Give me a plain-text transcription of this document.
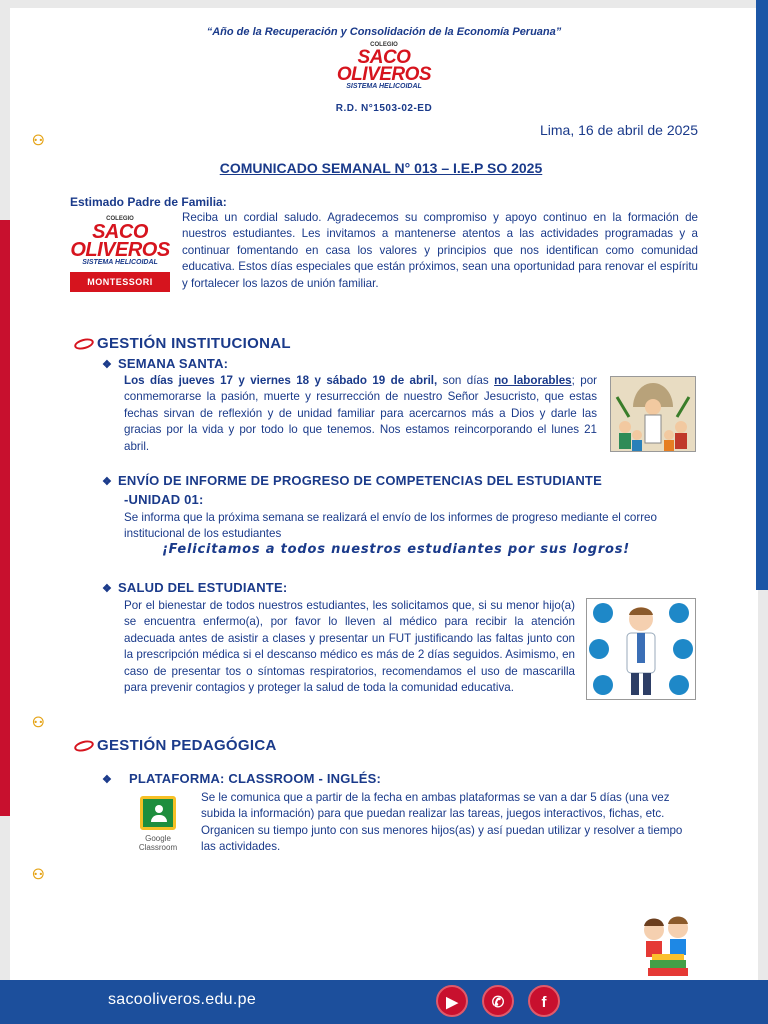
“Año de la Recuperación y Consolidación de la Economía Peruana”
COLEGIO
SACO
OLIVEROS
SISTEMA HELICOIDAL
R.D. N°1503-02-ED
Lima, 16 de abril de 2025
⚇
⚇
⚇
COMUNICADO SEMANAL N° 013 – I.E.P SO 2025
Estimado Padre de Familia:
COLEGIO
SACO
OLIVEROS
SISTEMA HELICOIDAL
MONTESSORI

Reciba un cordial saludo. Agradecemos su compromiso y apoyo continuo en la formación de nuestros estudiantes. Les invitamos a mantenerse atentos a las actividades programadas y a continuar fomentando en casa los valores y principios que nos identifican como comunidad educativa. Estos días especiales que están próximos, sean una oportunidad para renovar el espíritu y fortalecer los lazos de unión familiar.

GESTIÓN INSTITUCIONAL
❖ SEMANA SANTA:

Los días jueves 17 y viernes 18 y sábado 19 de abril, son días no laborables; por conmemorarse la pasión, muerte y resurrección de nuestro Señor Jesucristo, que estas fechas sirvan de reflexión y de unidad familiar para acercarnos más a Dios y darle las gracias por la vida y por todo lo que tenemos. Nos estamos reincorporando el lunes 21 abril.

❖ ENVÍO DE INFORME DE PROGRESO DE COMPETENCIAS DEL ESTUDIANTE
-UNIDAD 01:

Se informa que la próxima semana se realizará el envío de los informes de progreso mediante el correo institucional de los estudiantes

¡Felicitamos a todos nuestros estudiantes por sus logros!
❖ SALUD DEL ESTUDIANTE:

Por el bienestar de todos nuestros estudiantes, les solicitamos que, si su menor hijo(a) se encuentra enfermo(a), por favor lo lleven al médico para recibir la atención adecuada antes de asistir a clases y presentar un FUT justificando las faltas junto con la prescripción médica si el descanso médico es más de 2 días seguidos. Asimismo, en caso de presentar tos o síntomas respiratorios, recomendamos el uso de mascarilla para prevenir contagios y proteger la salud de toda la comunidad educativa.

GESTIÓN PEDAGÓGICA
❖ PLATAFORMA: CLASSROOM - INGLÉS:
Google Classroom

Se le comunica que a partir de la fecha en ambas plataformas se van a dar 5 días (una vez subida la información) para que puedan realizar las tareas, juegos interactivos, fichas, etc. Organicen su tiempo junto con sus menores hijos(as) y así puedan utilizar y resolver a tiempo las actividades.

sacooliveros.edu.pe	▶	✆	f
